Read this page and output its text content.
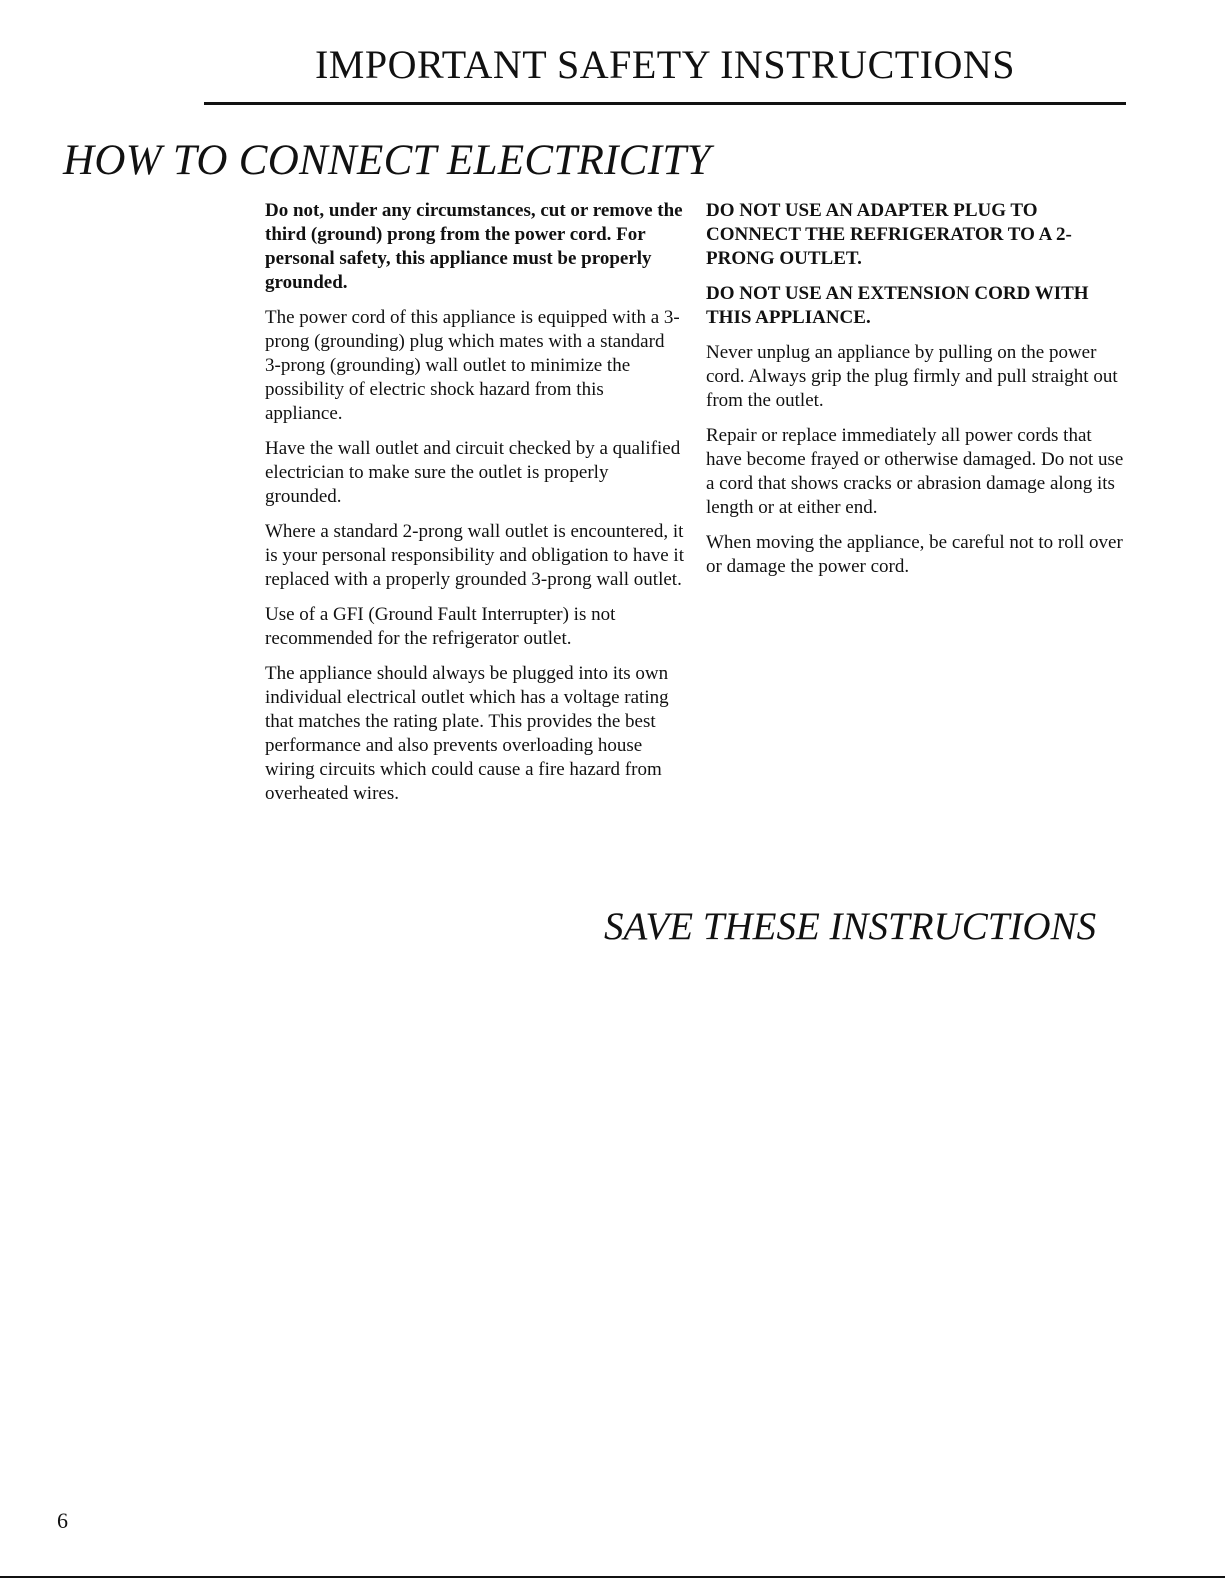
IMPORTANT SAFETY INSTRUCTIONS
HOW TO CONNECT ELECTRICITY

Do not, under any circumstances, cut or remove the third (ground) prong from the power cord. For personal safety, this appliance must be properly grounded.

The power cord of this appliance is equipped with a 3-prong (grounding) plug which mates with a standard 3-prong (grounding) wall outlet to minimize the possibility of electric shock hazard from this appliance.

Have the wall outlet and circuit checked by a qualified electrician to make sure the outlet is properly grounded.

Where a standard 2-prong wall outlet is encountered, it is your personal responsibility and obligation to have it replaced with a properly grounded 3-prong wall outlet.

Use of a GFI (Ground Fault Interrupter) is not recommended for the refrigerator outlet.

The appliance should always be plugged into its own individual electrical outlet which has a voltage rating that matches the rating plate. This provides the best performance and also prevents overloading house wiring circuits which could cause a fire hazard from overheated wires.

DO NOT USE AN ADAPTER PLUG TO CONNECT THE REFRIGERATOR TO A 2-PRONG OUTLET.

DO NOT USE AN EXTENSION CORD WITH THIS APPLIANCE.

Never unplug an appliance by pulling on the power cord. Always grip the plug firmly and pull straight out from the outlet.

Repair or replace immediately all power cords that have become frayed or otherwise damaged. Do not use a cord that shows cracks or abrasion damage along its length or at either end.

When moving the appliance, be careful not to roll over or damage the power cord.

SAVE THESE INSTRUCTIONS
6
